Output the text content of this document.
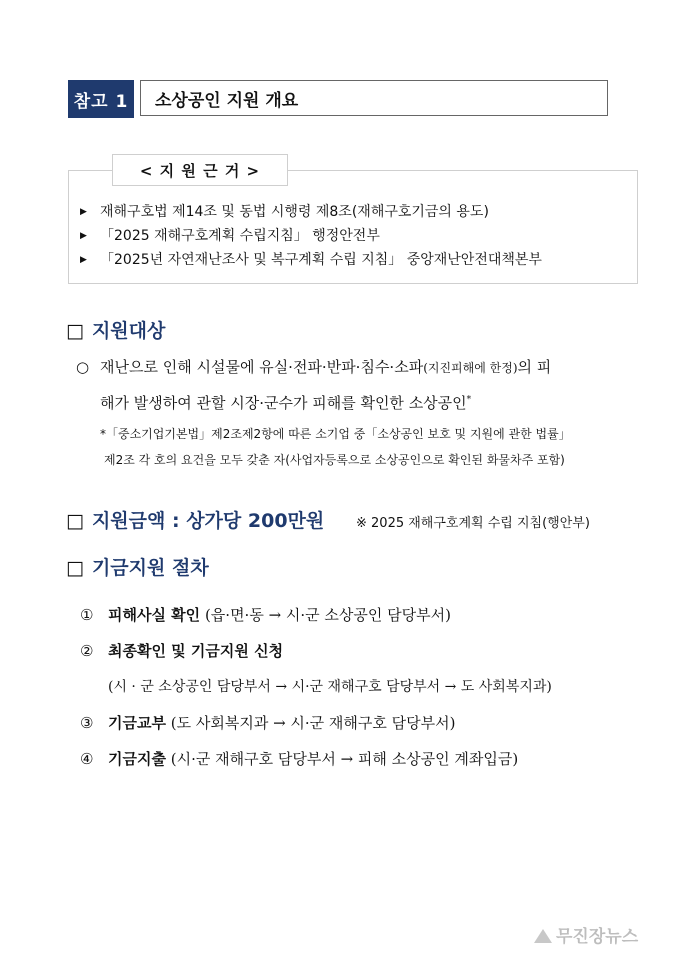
참고 1	소상공인 지원 개요
< 지 원 근 거 >
▶ 재해구호법 제14조 및 동법 시행령 제8조(재해구호기금의 용도)
▶ 「2025 재해구호계획 수립지침」 행정안전부
▶ 「2025년 자연재난조사 및 복구계획 수립 지침」 중앙재난안전대책본부
□ 지원대상
○ 재난으로 인해 시설물에 유실·전파·반파·침수·소파(지진피해에 한정)의 피
해가 발생하여 관할 시장·군수가 피해를 확인한 소상공인*
*「중소기업기본법」제2조제2항에 따른 소기업 중「소상공인 보호 및 지원에 관한 법률」
제2조 각 호의 요건을 모두 갖춘 자(사업자등록으로 소상공인으로 확인된 화물차주 포함)
□ 지원금액 : 상가당 200만원 ※ 2025 재해구호계획 수립 지침(행안부)
□ 기금지원 절차
① 피해사실 확인 (읍·면·동 → 시·군 소상공인 담당부서)
② 최종확인 및 기금지원 신청
(시 · 군 소상공인 담당부서 → 시·군 재해구호 담당부서 → 도 사회복지과)
③ 기금교부 (도 사회복지과 → 시·군 재해구호 담당부서)
④ 기금지출 (시·군 재해구호 담당부서 → 피해 소상공인 계좌입금)
무진장뉴스
